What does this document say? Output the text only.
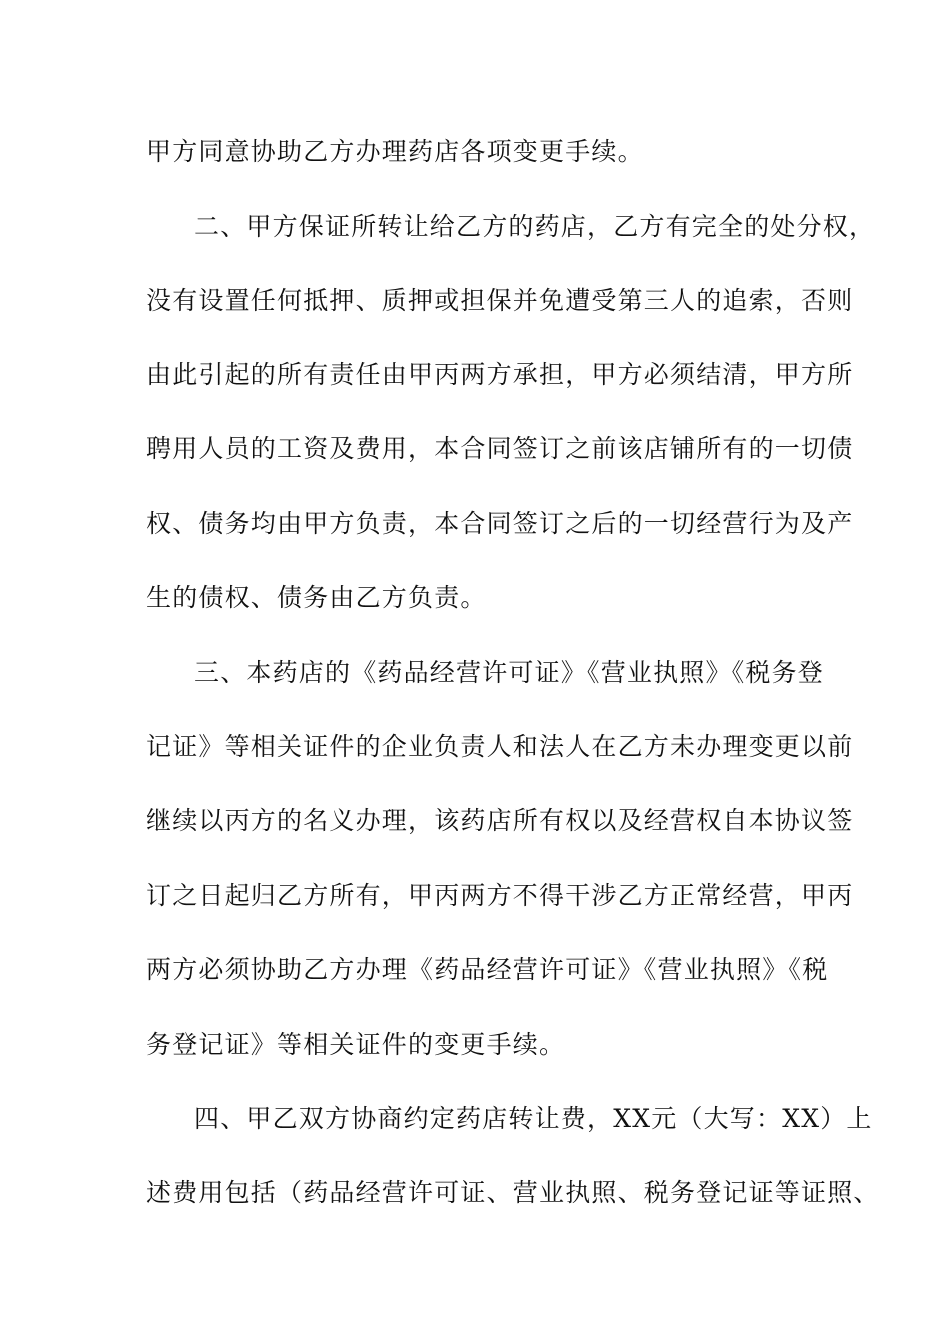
甲方同意协助乙方办理药店各项变更手续。
二、甲方保证所转让给乙方的药店，乙方有完全的处分权，
没有设置任何抵押、质押或担保并免遭受第三人的追索，否则
由此引起的所有责任由甲丙两方承担，甲方必须结清，甲方所
聘用人员的工资及费用，本合同签订之前该店铺所有的一切债
权、债务均由甲方负责，本合同签订之后的一切经营行为及产
生的债权、债务由乙方负责。
三、本药店的《药品经营许可证》《营业执照》《税务登
记证》等相关证件的企业负责人和法人在乙方未办理变更以前
继续以丙方的名义办理，该药店所有权以及经营权自本协议签
订之日起归乙方所有，甲丙两方不得干涉乙方正常经营，甲丙
两方必须协助乙方办理《药品经营许可证》《营业执照》《税
务登记证》等相关证件的变更手续。
四、甲乙双方协商约定药店转让费，XX元（大写：XX）上
述费用包括（药品经营许可证、营业执照、税务登记证等证照、
